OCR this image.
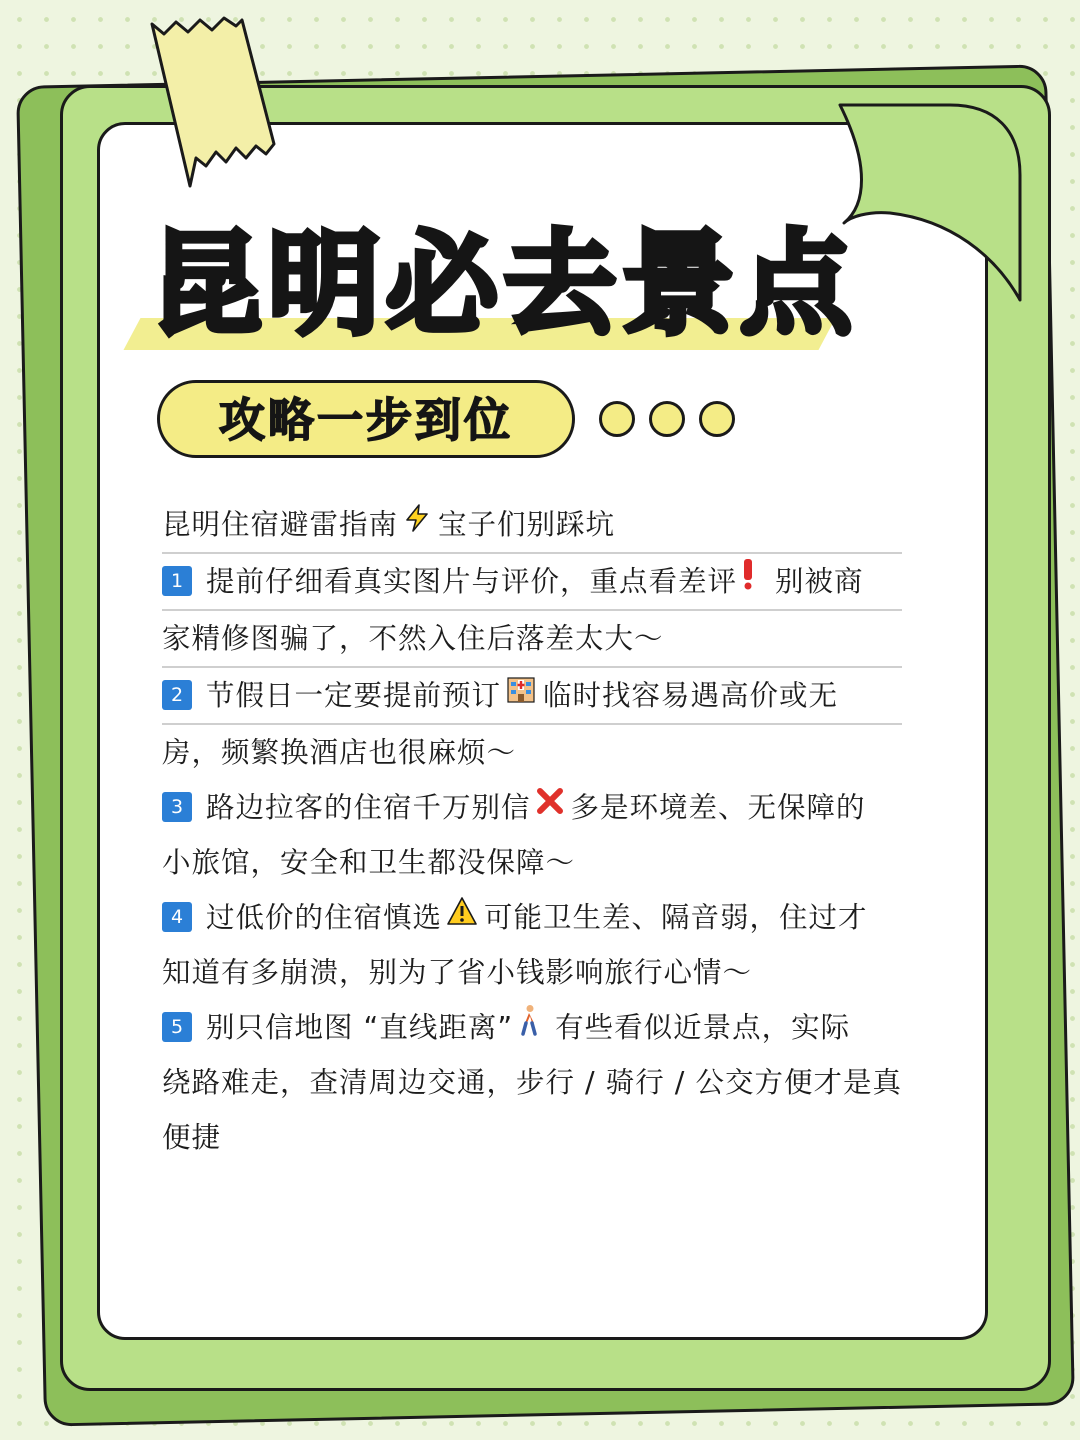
昆明必去景点
攻略一步到位
昆明住宿避雷指南 宝子们别踩坑
1 提前仔细看真实图片与评价，重点看差评 别被商
家精修图骗了，不然入住后落差太大～
2 节假日一定要提前预订 临时找容易遇高价或无
房，频繁换酒店也很麻烦～
3 路边拉客的住宿千万别信 多是环境差、无保障的
小旅馆，安全和卫生都没保障～
4 过低价的住宿慎选 可能卫生差、隔音弱，住过才
知道有多崩溃，别为了省小钱影响旅行心情～
5 别只信地图 “直线距离” 有些看似近景点，实际
绕路难走，查清周边交通，步行 / 骑行 / 公交方便才是真
便捷
